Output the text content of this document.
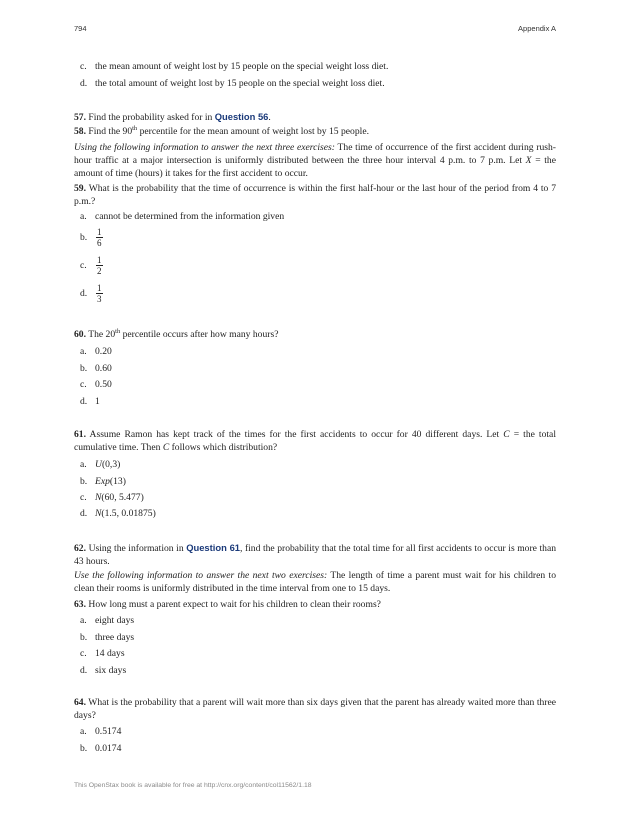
794	Appendix A
c. the mean amount of weight lost by 15 people on the special weight loss diet.
d. the total amount of weight lost by 15 people on the special weight loss diet.
57. Find the probability asked for in Question 56.
58. Find the 90th percentile for the mean amount of weight lost by 15 people.
Using the following information to answer the next three exercises: The time of occurrence of the first accident during rush-hour traffic at a major intersection is uniformly distributed between the three hour interval 4 p.m. to 7 p.m. Let X = the amount of time (hours) it takes for the first accident to occur.
59. What is the probability that the time of occurrence is within the first half-hour or the last hour of the period from 4 to 7 p.m.?
a. cannot be determined from the information given
b. $\frac{1}{6}$
c. $\frac{1}{2}$
d. $\frac{1}{3}$
60. The 20th percentile occurs after how many hours?
a. 0.20
b. 0.60
c. 0.50
d. 1
61. Assume Ramon has kept track of the times for the first accidents to occur for 40 different days. Let C = the total cumulative time. Then C follows which distribution?
a. U(0,3)
b. Exp(13)
c. N(60, 5.477)
d. N(1.5, 0.01875)
62. Using the information in Question 61, find the probability that the total time for all first accidents to occur is more than 43 hours.
Use the following information to answer the next two exercises: The length of time a parent must wait for his children to clean their rooms is uniformly distributed in the time interval from one to 15 days.
63. How long must a parent expect to wait for his children to clean their rooms?
a. eight days
b. three days
c. 14 days
d. six days
64. What is the probability that a parent will wait more than six days given that the parent has already waited more than three days?
a. 0.5174
b. 0.0174
This OpenStax book is available for free at http://cnx.org/content/col11562/1.18
